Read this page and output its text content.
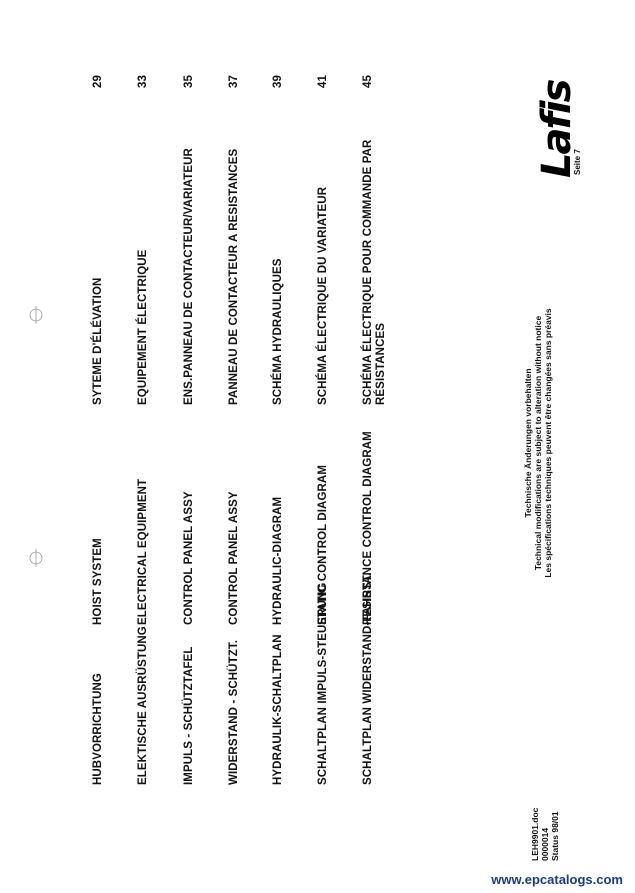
HUBVORRICHTUNG
HOIST SYSTEM
SYTEME D'ÉLÉVATION
29
ELEKTISCHE AUSRÜSTUNG
ELECTRICAL EQUIPMENT
EQUIPEMENT ÉLECTRIQUE
33
IMPULS - SCHÜTZTAFEL
CONTROL PANEL ASSY
ENS.PANNEAU DE CONTACTEUR/VARIATEUR
35
WIDERSTAND - SCHÜTZT.
CONTROL PANEL ASSY
PANNEAU DE CONTACTEUR A RESISTANCES
37
HYDRAULIK-SCHALTPLAN
HYDRAULIC-DIAGRAM
SCHÉMA HYDRAULIQUES
39
SCHALTPLAN IMPULS-STEUERUNG
STATIC CONTROL DIAGRAM
SCHÉMA ÉLECTRIQUE DU VARIATEUR
41
SCHALTPLAN WIDERSTAND-FAHRST.
RESISTANCE CONTROL DIAGRAM
SCHÉMA ÉLECTRIQUE POUR COMMANDE PAR RÉSISTANCES
45
LEH9901.doc 0000014 Status 98/01
Technische Änderungen vorbehalten Technical modifications are subject to alteration without notice Les spécifications techniques peuvent être changées sans préavis
Lafis
Seite 7
www.epcatalogs.com
